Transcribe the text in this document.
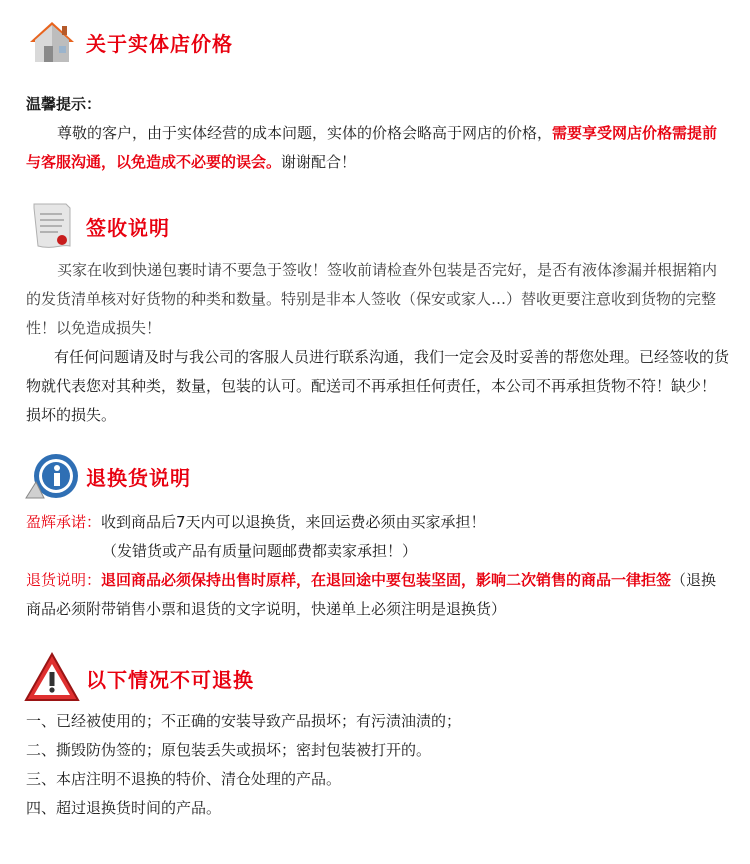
关于实体店价格
温馨提示：
尊敬的客户，由于实体经营的成本问题，实体的价格会略高于网店的价格，需要享受网店价格需提前与客服沟通，以免造成不必要的误会。谢谢配合！
签收说明
买家在收到快递包裹时请不要急于签收！签收前请检查外包装是否完好，是否有液体渗漏并根据箱内的发货清单核对好货物的种类和数量。特别是非本人签收（保安或家人…）替收更要注意收到货物的完整性！以免造成损失！
有任何问题请及时与我公司的客服人员进行联系沟通，我们一定会及时妥善的帮您处理。已经签收的货物就代表您对其种类，数量，包装的认可。配送司不再承担任何责任，本公司不再承担货物不符！缺少！损坏的损失。
退换货说明
盈辉承诺：收到商品后7天内可以退换货，来回运费必须由买家承担！
（发错货或产品有质量问题邮费都卖家承担！）
退货说明：退回商品必须保持出售时原样，在退回途中要包装坚固，影响二次销售的商品一律拒签（退换商品必须附带销售小票和退货的文字说明，快递单上必须注明是退换货）
以下情况不可退换
一、已经被使用的；不正确的安装导致产品损坏；有污渍油渍的；
二、撕毁防伪签的；原包装丢失或损坏；密封包装被打开的。
三、本店注明不退换的特价、清仓处理的产品。
四、超过退换货时间的产品。
